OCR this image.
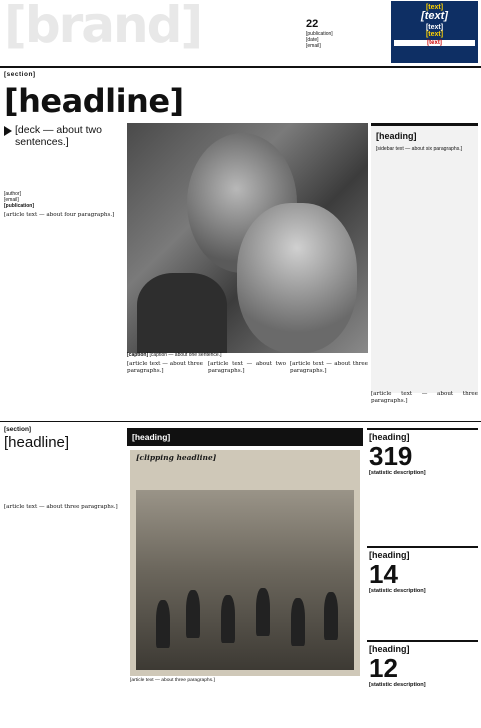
[brand]	22
[publication]
[date]
[email]
[text]
[text]
[text]
[text]
[text]
[section]
[headline]
[deck — about two sentences.]
[author]
[email]
[publication]
[article text — about four paragraphs.]
[caption] [caption — about one sentence.]
[article text — about three paragraphs.]
[article text — about two paragraphs.]
[article text — about three paragraphs.]
[heading]
[sidebar text — about six paragraphs.]
[article text — about three paragraphs.]
[section]
[headline]
[article text — about three paragraphs.]
[heading]
[clipping headline]
[article text — about three paragraphs.]
[heading]
319
[statistic description]
[heading]
14
[statistic description]
[heading]
12
[statistic description]
